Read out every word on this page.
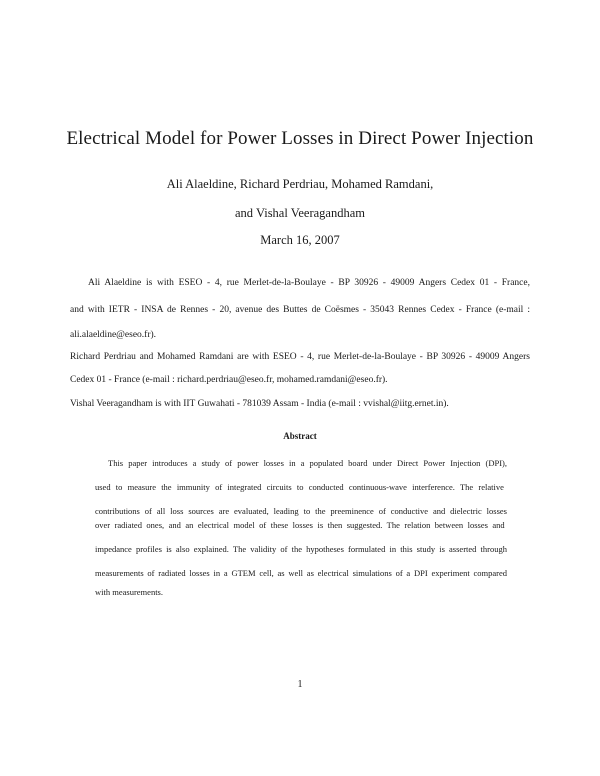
Electrical Model for Power Losses in Direct Power Injection
Ali Alaeldine, Richard Perdriau, Mohamed Ramdani,
and Vishal Veeragandham
March 16, 2007
Ali Alaeldine is with ESEO - 4, rue Merlet-de-la-Boulaye - BP 30926 - 49009 Angers Cedex 01 - France,
and with IETR - INSA de Rennes - 20, avenue des Buttes de Coësmes - 35043 Rennes Cedex - France (e-mail :
ali.alaeldine@eseo.fr).
Richard Perdriau and Mohamed Ramdani are with ESEO - 4, rue Merlet-de-la-Boulaye - BP 30926 - 49009 Angers
Cedex 01 - France (e-mail : richard.perdriau@eseo.fr, mohamed.ramdani@eseo.fr).
Vishal Veeragandham is with IIT Guwahati - 781039 Assam - India (e-mail : vvishal@iitg.ernet.in).
Abstract
This paper introduces a study of power losses in a populated board under Direct Power Injection (DPI),
used to measure the immunity of integrated circuits to conducted continuous-wave interference. The relative
contributions of all loss sources are evaluated, leading to the preeminence of conductive and dielectric losses
over radiated ones, and an electrical model of these losses is then suggested. The relation between losses and
impedance profiles is also explained. The validity of the hypotheses formulated in this study is asserted through
measurements of radiated losses in a GTEM cell, as well as electrical simulations of a DPI experiment compared
with measurements.
1
